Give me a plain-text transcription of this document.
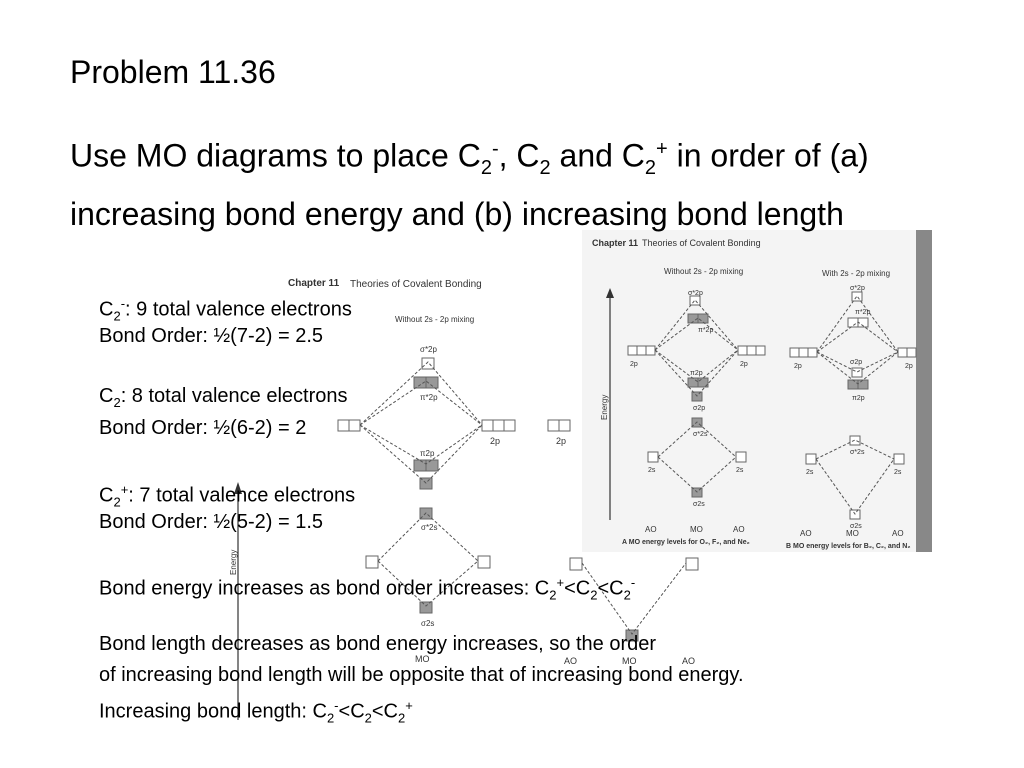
Chapter 11 Theories of Covalent Bonding
Without 2s - 2p mixing	With 2s - 2p mixing
Energy
σ*2p
π*2p
2p	2p
π2p
σ2p
σ*2s
2s	2s
σ2s
AO	MO	AO
A MO energy levels for O₂, F₂, and Ne₂
σ*2p
π*2p
2p	2p
σ2p
π2p
σ*2s
2s	2s
σ2s
AO	MO	AO
B MO energy levels for B₂, C₂, and N₂
Chapter 11 Theories of Covalent Bonding
Without 2s - 2p mixing
Energy
σ*2p
π*2p
2p	2p
π2p
σ*2s
σ2s
MO	AO	MO	AO
Problem 11.36
Use MO diagrams to place $C_2^-$, $C_2$ and $C_2^+$ in order of (a) increasing bond energy and (b) increasing bond length
$C_2^-$: 9 total valence electrons
Bond Order: ½(7-2) = 2.5
$C_2$: 8 total valence electrons
Bond Order: ½(6-2) = 2
$C_2^+$: 7 total valence electrons
Bond Order: ½(5-2) = 1.5
Bond energy increases as bond order increases: $C_2^+<C_2<C_2^-$
Bond length decreases as bond energy increases, so the order
of increasing bond length will be opposite that of increasing bond energy.
Increasing bond length: $C_2^-<C_2<C_2^+$
